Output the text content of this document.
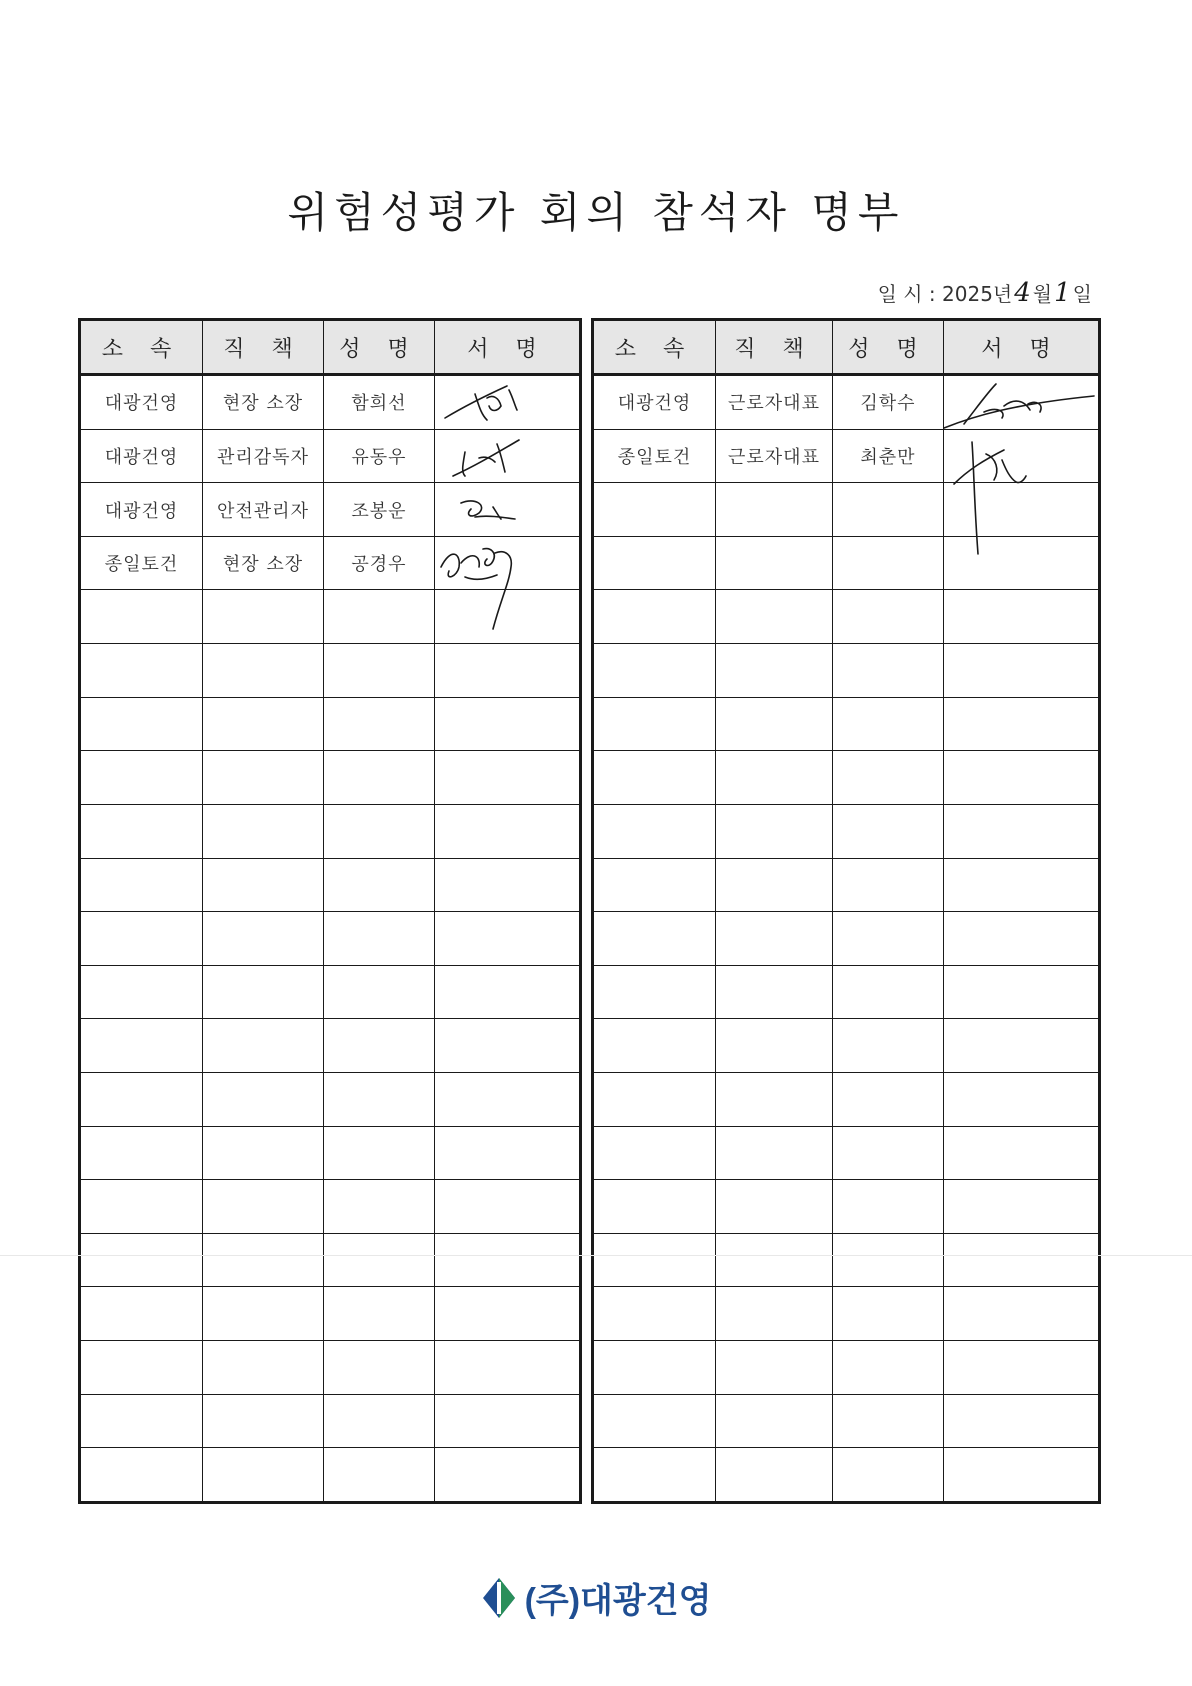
위험성평가 회의 참석자 명부
일 시 : 2025년4 월1 일
소 속	직 책	성 명	서 명
대광건영	현장 소장	함희선	

대광건영	관리감독자	유동우	

대광건영	안전관리자	조봉운	

종일토건	현장 소장	공경우	

소 속	직 책	성 명	서 명
대광건영	근로자대표	김학수	

종일토건	근로자대표	최춘만	

(주)대광건영
